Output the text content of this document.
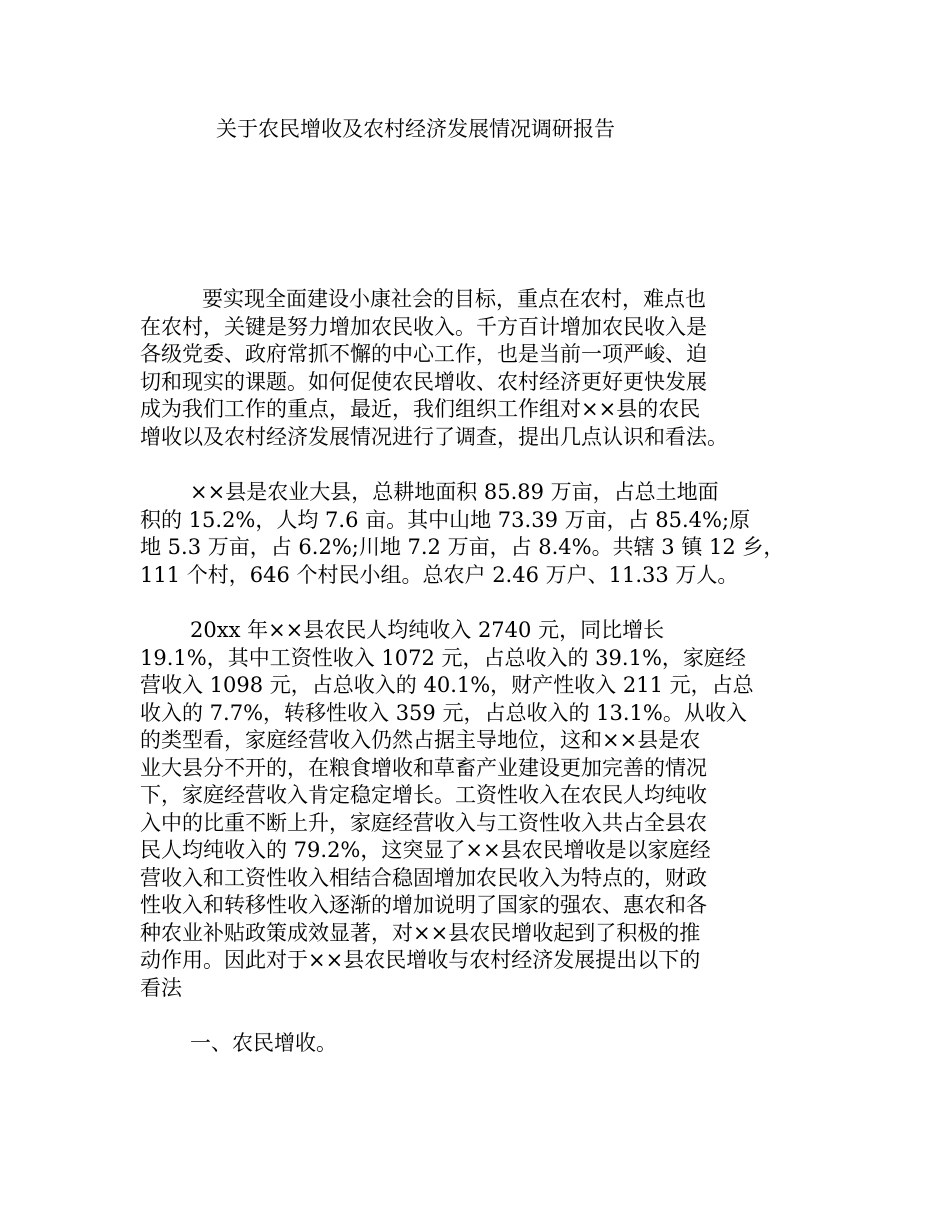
关于农民增收及农村经济发展情况调研报告

要实现全面建设小康社会的目标，重点在农村，难点也
在农村，关键是努力增加农民收入。千方百计增加农民收入是
各级党委、政府常抓不懈的中心工作，也是当前一项严峻、迫
切和现实的课题。如何促使农民增收、农村经济更好更快发展
成为我们工作的重点，最近，我们组织工作组对××县的农民
增收以及农村经济发展情况进行了调查，提出几点认识和看法。

××县是农业大县，总耕地面积 85.89 万亩，占总土地面
积的 15.2%，人均 7.6 亩。其中山地 73.39 万亩，占 85.4%;原
地 5.3 万亩，占 6.2%;川地 7.2 万亩，占 8.4%。共辖 3 镇 12 乡，
111 个村，646 个村民小组。总农户 2.46 万户、11.33 万人。

20xx 年××县农民人均纯收入 2740 元，同比增长
19.1%，其中工资性收入 1072 元，占总收入的 39.1%，家庭经
营收入 1098 元，占总收入的 40.1%，财产性收入 211 元，占总
收入的 7.7%，转移性收入 359 元，占总收入的 13.1%。从收入
的类型看，家庭经营收入仍然占据主导地位，这和××县是农
业大县分不开的，在粮食增收和草畜产业建设更加完善的情况
下，家庭经营收入肯定稳定增长。工资性收入在农民人均纯收
入中的比重不断上升，家庭经营收入与工资性收入共占全县农
民人均纯收入的 79.2%，这突显了××县农民增收是以家庭经
营收入和工资性收入相结合稳固增加农民收入为特点的，财政
性收入和转移性收入逐渐的增加说明了国家的强农、惠农和各
种农业补贴政策成效显著，对××县农民增收起到了积极的推
动作用。因此对于××县农民增收与农村经济发展提出以下的
看法

一、农民增收。
